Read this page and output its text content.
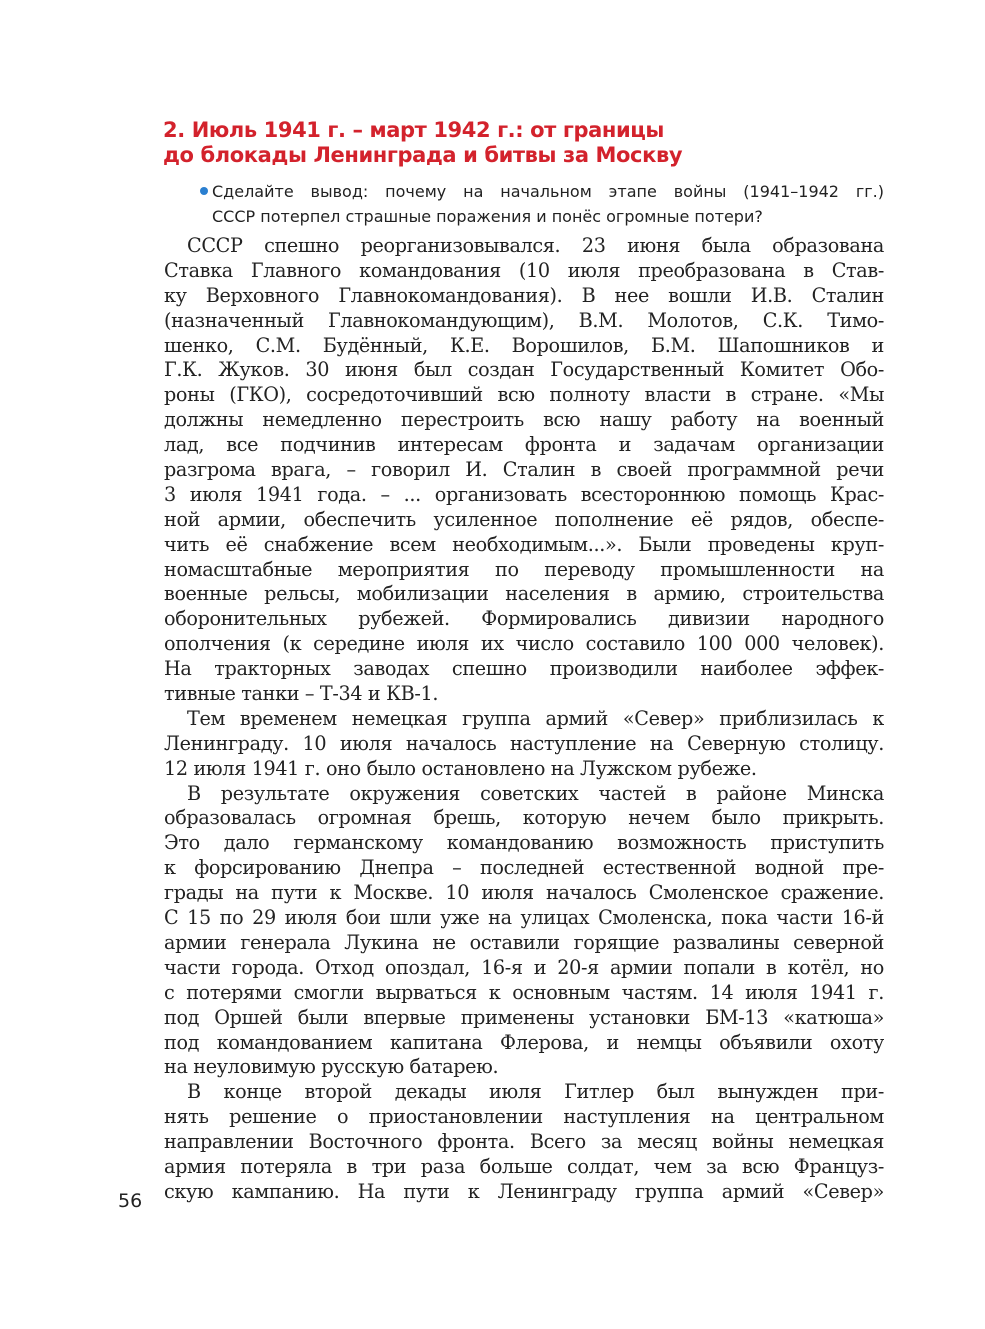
2. Июль 1941 г. – март 1942 г.: от границы
до блокады Ленинграда и битвы за Москву
Сделайте вывод: почему на начальном этапе войны (1941–1942 гг.)
СССР потерпел страшные поражения и понёс огромные потери?
СССР спешно реорганизовывался. 23 июня была образована
Ставка Главного командования (10 июля преобразована в Став-
ку Верховного Главнокомандования). В нее вошли И.В. Сталин
(назначенный Главнокомандующим), В.М. Молотов, С.К. Тимо-
шенко, С.М. Будённый, К.Е. Ворошилов, Б.М. Шапошников и
Г.К. Жуков. 30 июня был создан Государственный Комитет Обо-
роны (ГКО), сосредоточивший всю полноту власти в стране. «Мы
должны немедленно перестроить всю нашу работу на военный
лад, все подчинив интересам фронта и задачам организации
разгрома врага, – говорил И. Сталин в своей программной речи
3 июля 1941 года. – ... организовать всестороннюю помощь Крас-
ной армии, обеспечить усиленное пополнение её рядов, обеспе-
чить её снабжение всем необходимым...». Были проведены круп-
номасштабные мероприятия по переводу промышленности на
военные рельсы, мобилизации населения в армию, строительства
оборонительных рубежей. Формировались дивизии народного
ополчения (к середине июля их число составило 100 000 человек).
На тракторных заводах спешно производили наиболее эффек-
тивные танки – Т-34 и КВ-1.
Тем временем немецкая группа армий «Север» приблизилась к
Ленинграду. 10 июля началось наступление на Северную столицу.
12 июля 1941 г. оно было остановлено на Лужском рубеже.
В результате окружения советских частей в районе Минска
образовалась огромная брешь, которую нечем было прикрыть.
Это дало германскому командованию возможность приступить
к форсированию Днепра – последней естественной водной пре-
грады на пути к Москве. 10 июля началось Смоленское сражение.
С 15 по 29 июля бои шли уже на улицах Смоленска, пока части 16-й
армии генерала Лукина не оставили горящие развалины северной
части города. Отход опоздал, 16-я и 20-я армии попали в котёл, но
с потерями смогли вырваться к основным частям. 14 июля 1941 г.
под Оршей были впервые применены установки БМ-13 «катюша»
под командованием капитана Флерова, и немцы объявили охоту
на неуловимую русскую батарею.
В конце второй декады июля Гитлер был вынужден при-
нять решение о приостановлении наступления на центральном
направлении Восточного фронта. Всего за месяц войны немецкая
армия потеряла в три раза больше солдат, чем за всю Француз-
скую кампанию. На пути к Ленинграду группа армий «Север»
56
